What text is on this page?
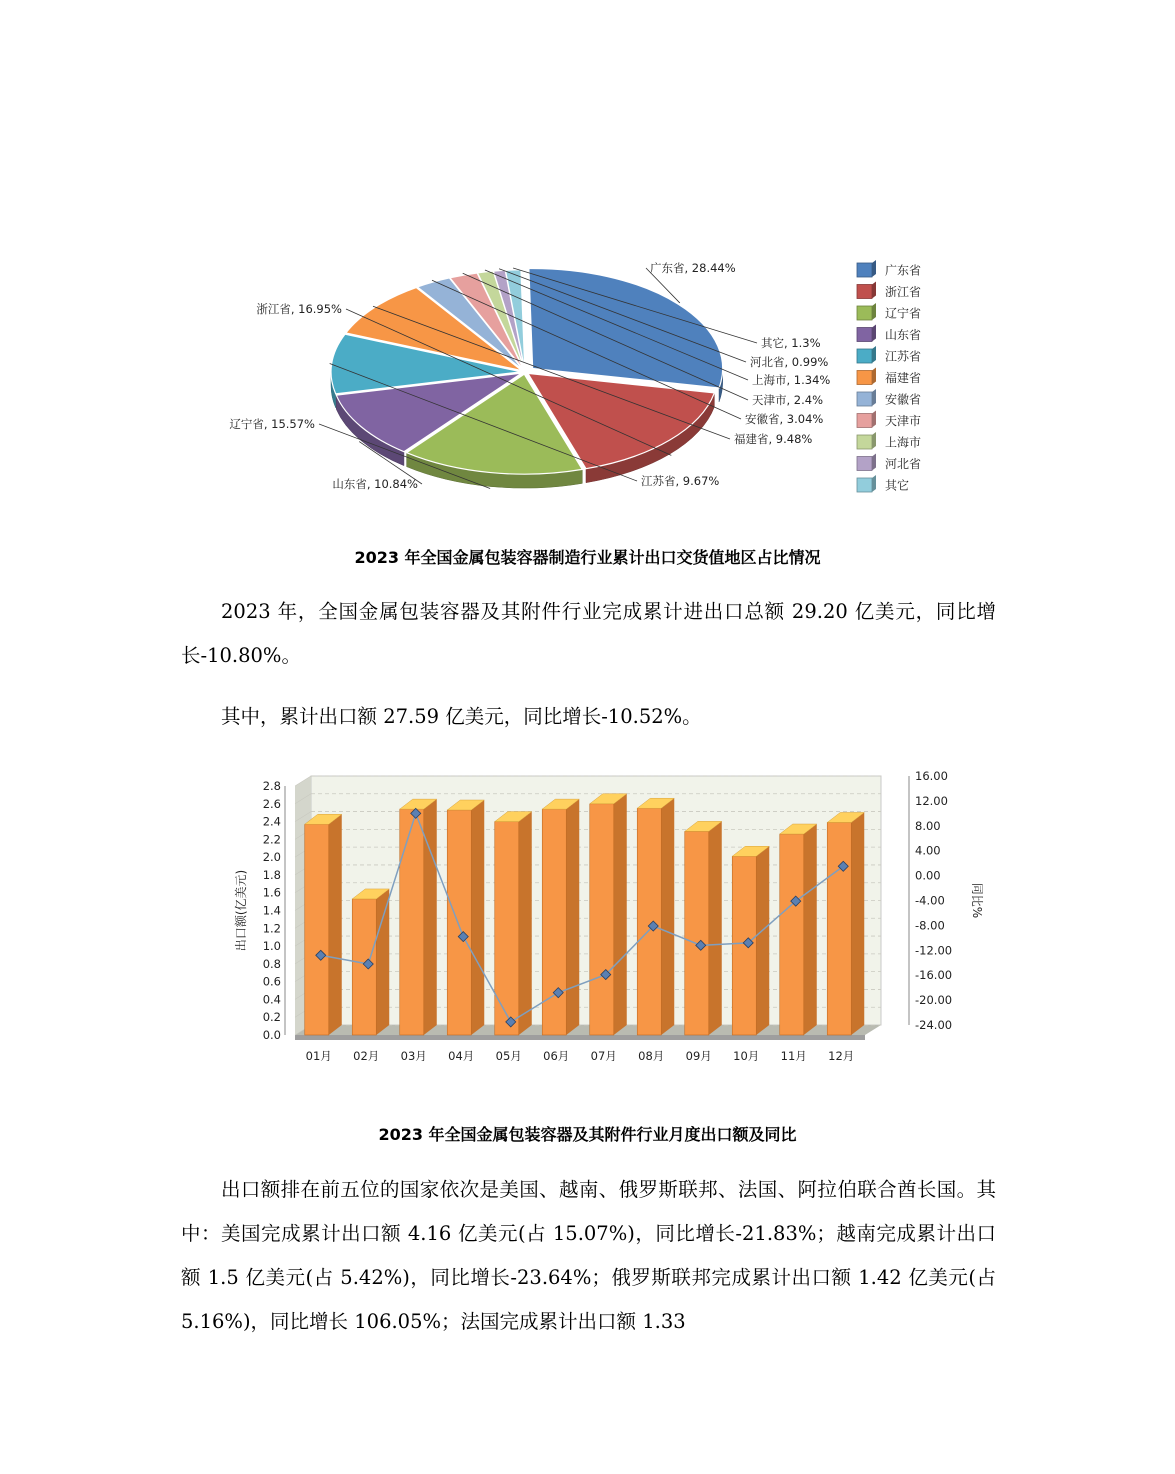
广东省, 28.44%
浙江省, 16.95%
辽宁省, 15.57%
山东省, 10.84%	江苏省, 9.67%
福建省, 9.48%
安徽省, 3.04%
天津市, 2.4%
上海市, 1.34%
河北省, 0.99%
其它, 1.3%
广东省
浙江省
辽宁省
山东省
江苏省
福建省
安徽省
天津市
上海市
河北省
其它
2023 年全国金属包装容器制造行业累计出口交货值地区占比情况

2023 年，全国金属包装容器及其附件行业完成累计进出口总额 29.20 亿美元，同比增长-10.80%。

其中，累计出口额 27.59 亿美元，同比增长-10.52%。

0.0
0.2
0.4
0.6
0.8
1.0
1.2
1.4
1.6
1.8
2.0
2.2
2.4
2.6
2.8
-24.00
-20.00
-16.00
-12.00
-8.00
-4.00
0.00
4.00
8.00
12.00
16.00
出口额(亿美元)	同比%
01月 02月 03月 04月 05月 06月 07月 08月 09月 10月 11月 12月
2023 年全国金属包装容器及其附件行业月度出口额及同比

出口额排在前五位的国家依次是美国、越南、俄罗斯联邦、法国、阿拉伯联合酋长国。其中：美国完成累计出口额 4.16 亿美元(占 15.07%)，同比增长-21.83%；越南完成累计出口额 1.5 亿美元(占 5.42%)，同比增长-23.64%；俄罗斯联邦完成累计出口额 1.42 亿美元(占 5.16%)，同比增长 106.05%；法国完成累计出口额 1.33
